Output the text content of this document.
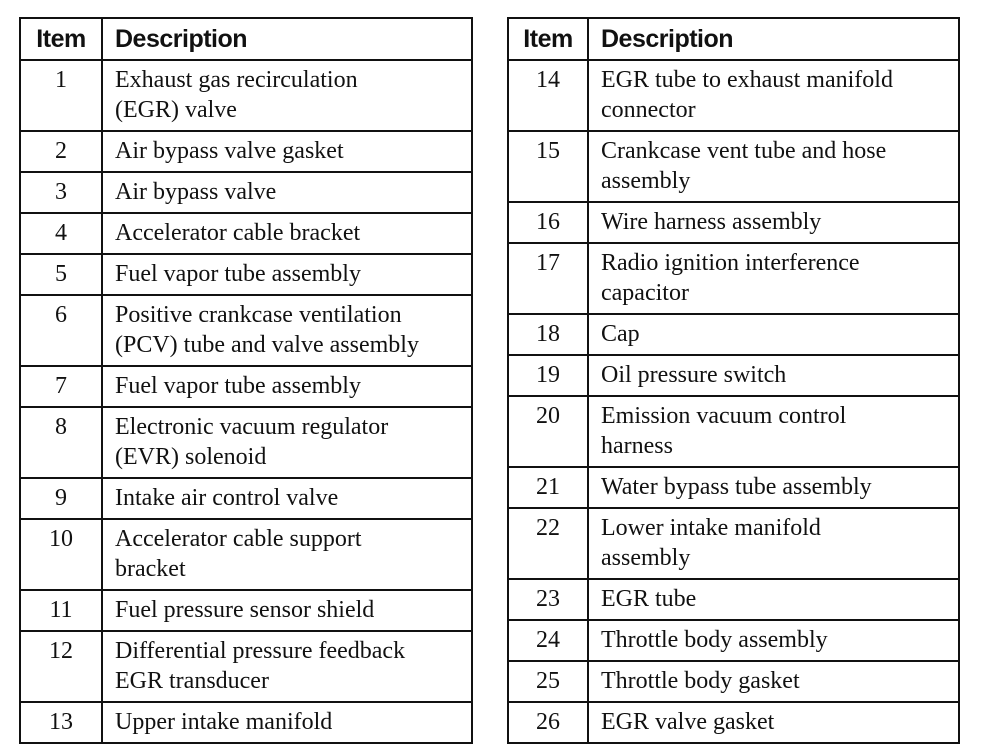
Item	Description
1	Exhaust gas recirculation
(EGR) valve

2	Air bypass valve gasket

3	Air bypass valve

4	Accelerator cable bracket

5	Fuel vapor tube assembly

6	Positive crankcase ventilation
(PCV) tube and valve assembly

7	Fuel vapor tube assembly

8	Electronic vacuum regulator
(EVR) solenoid

9	Intake air control valve

10	Accelerator cable support
bracket

11	Fuel pressure sensor shield

12	Differential pressure feedback
EGR transducer

13	Upper intake manifold
Item	Description
14	EGR tube to exhaust manifold
connector

15	Crankcase vent tube and hose
assembly

16	Wire harness assembly

17	Radio ignition interference
capacitor

18	Cap

19	Oil pressure switch

20	Emission vacuum control
harness

21	Water bypass tube assembly

22	Lower intake manifold
assembly

23	EGR tube

24	Throttle body assembly

25	Throttle body gasket

26	EGR valve gasket
